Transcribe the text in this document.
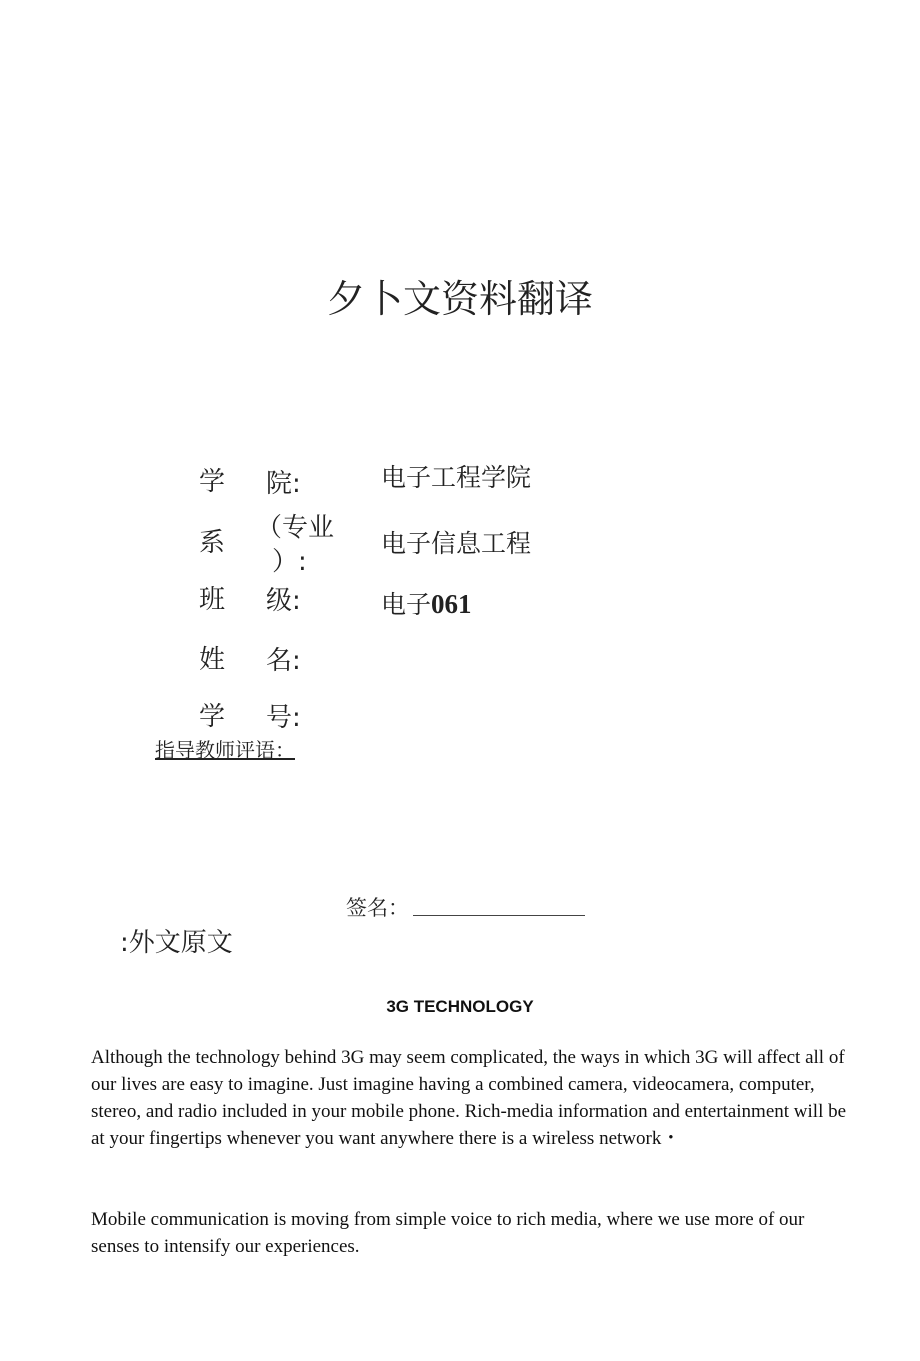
夕卜文资料翻译
学 院:	电子工程学院
系 （专业
）:
电子信息工程
班 级:	电子061
姓 名:
学 号:
指导教师评语：
签名：
:外文原文
3G TECHNOLOGY

Although the technology behind 3G may seem complicated, the ways in which 3G will affect all of our lives are easy to imagine. Just imagine having a combined camera, videocamera, computer, stereo, and radio included in your mobile phone. Rich-media information and entertainment will be at your fingertips whenever you want anywhere there is a wireless network・

Mobile communication is moving from simple voice to rich media, where we use more of our senses to intensify our experiences.
